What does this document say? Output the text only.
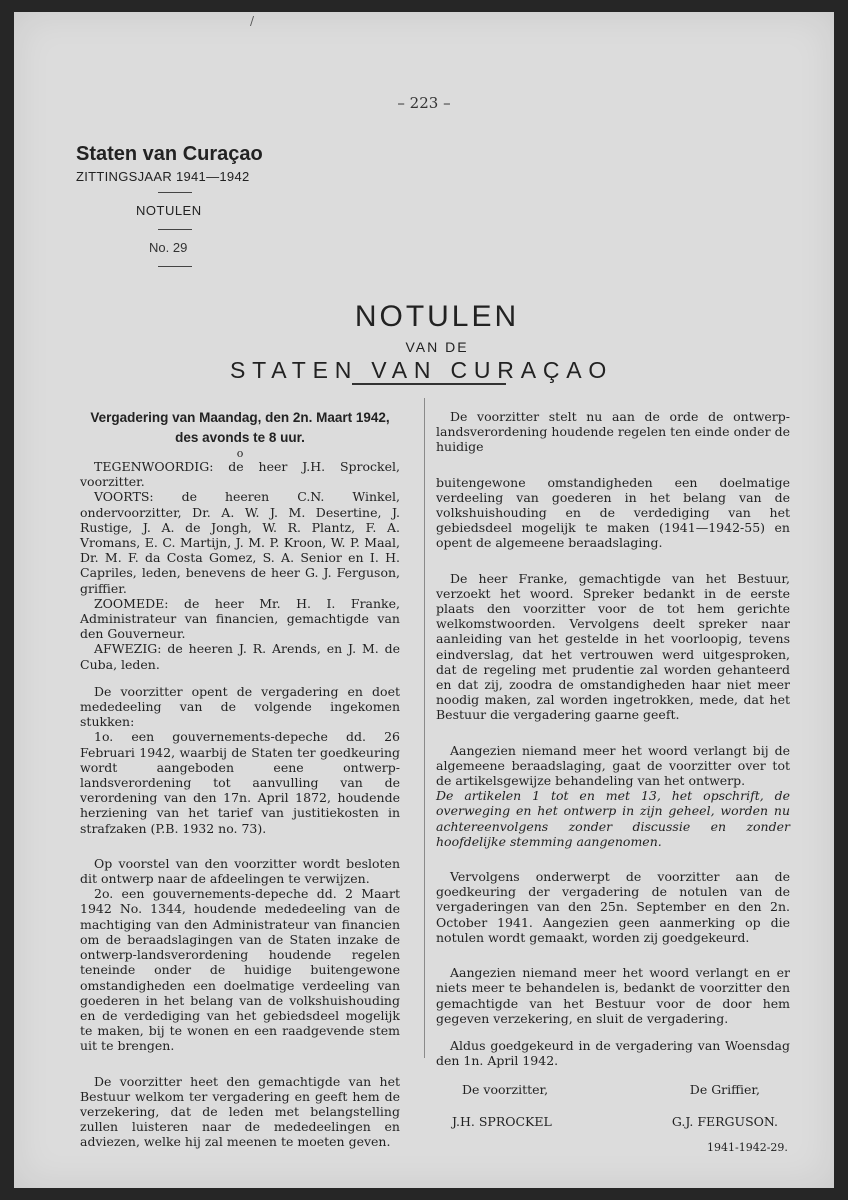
/
– 223 –
Staten van Curaçao
ZITTINGSJAAR 1941—1942
NOTULEN
No. 29
NOTULEN
VAN DE
STATEN VAN CURAÇAO

Vergadering van Maandag, den 2n. Maart 1942, des avonds te 8 uur.

o

TEGENWOORDIG: de heer J.H. Sprockel, voorzitter.

VOORTS: de heeren C.N. Winkel, ondervoorzitter, Dr. A. W. J. M. Desertine, J. Rustige, J. A. de Jongh, W. R. Plantz, F. A. Vromans, E. C. Martijn, J. M. P. Kroon, W. P. Maal, Dr. M. F. da Costa Gomez, S. A. Senior en I. H. Capriles, leden, benevens de heer G. J. Ferguson, griffier.

ZOOMEDE: de heer Mr. H. I. Franke, Administrateur van financien, gemachtigde van den Gouverneur.

AFWEZIG: de heeren J. R. Arends, en J. M. de Cuba, leden.

De voorzitter opent de vergadering en doet mededeeling van de volgende ingekomen stukken:

1o. een gouvernements-depeche dd. 26 Februari 1942, waarbij de Staten ter goedkeuring wordt aangeboden eene ontwerp-landsverordening tot aanvulling van de verordening van den 17n. April 1872, houdende herziening van het tarief van justitiekosten in strafzaken (P.B. 1932 no. 73).

Op voorstel van den voorzitter wordt besloten dit ontwerp naar de afdeelingen te verwijzen.

2o. een gouvernements-depeche dd. 2 Maart 1942 No. 1344, houdende mededeeling van de machtiging van den Administrateur van financien om de beraadslagingen van de Staten inzake de ontwerp-landsverordening houdende regelen teneinde onder de huidige buitengewone omstandigheden een doelmatige verdeeling van goederen in het belang van de volkshuishouding en de verdediging van het gebiedsdeel mogelijk te maken, bij te wonen en een raadgevende stem uit te brengen.

De voorzitter heet den gemachtigde van het Bestuur welkom ter vergadering en geeft hem de verzekering, dat de leden met belangstelling zullen luisteren naar de mededeelingen en adviezen, welke hij zal meenen te moeten geven.

De voorzitter stelt nu aan de orde de ontwerp-landsverordening houdende regelen ten einde onder de huidige

buitengewone omstandigheden een doelmatige verdeeling van goederen in het belang van de volkshuishouding en de verdediging van het gebiedsdeel mogelijk te maken (1941—1942-55) en opent de algemeene beraadslaging.

De heer Franke, gemachtigde van het Bestuur, verzoekt het woord. Spreker bedankt in de eerste plaats den voorzitter voor de tot hem gerichte welkomstwoorden. Vervolgens deelt spreker naar aanleiding van het gestelde in het voorloopig, tevens eindverslag, dat het vertrouwen werd uitgesproken, dat de regeling met prudentie zal worden gehanteerd en dat zij, zoodra de omstandigheden haar niet meer noodig maken, zal worden ingetrokken, mede, dat het Bestuur die vergadering gaarne geeft.

Aangezien niemand meer het woord verlangt bij de algemeene beraadslaging, gaat de voorzitter over tot de artikelsgewijze behandeling van het ontwerp.

De artikelen 1 tot en met 13, het opschrift, de overweging en het ontwerp in zijn geheel, worden nu achtereenvolgens zonder discussie en zonder hoofdelijke stemming aangenomen.

Vervolgens onderwerpt de voorzitter aan de goedkeuring der vergadering de notulen van de vergaderingen van den 25n. September en den 2n. October 1941. Aangezien geen aanmerking op die notulen wordt gemaakt, worden zij goedgekeurd.

Aangezien niemand meer het woord verlangt en er niets meer te behandelen is, bedankt de voorzitter den gemachtigde van het Bestuur voor de door hem gegeven verzekering, en sluit de vergadering.

Aldus goedgekeurd in de vergadering van Woensdag den 1n. April 1942.

De voorzitter,	De Griffier,
J.H. SPROCKEL	G.J. FERGUSON.
1941-1942-29.
